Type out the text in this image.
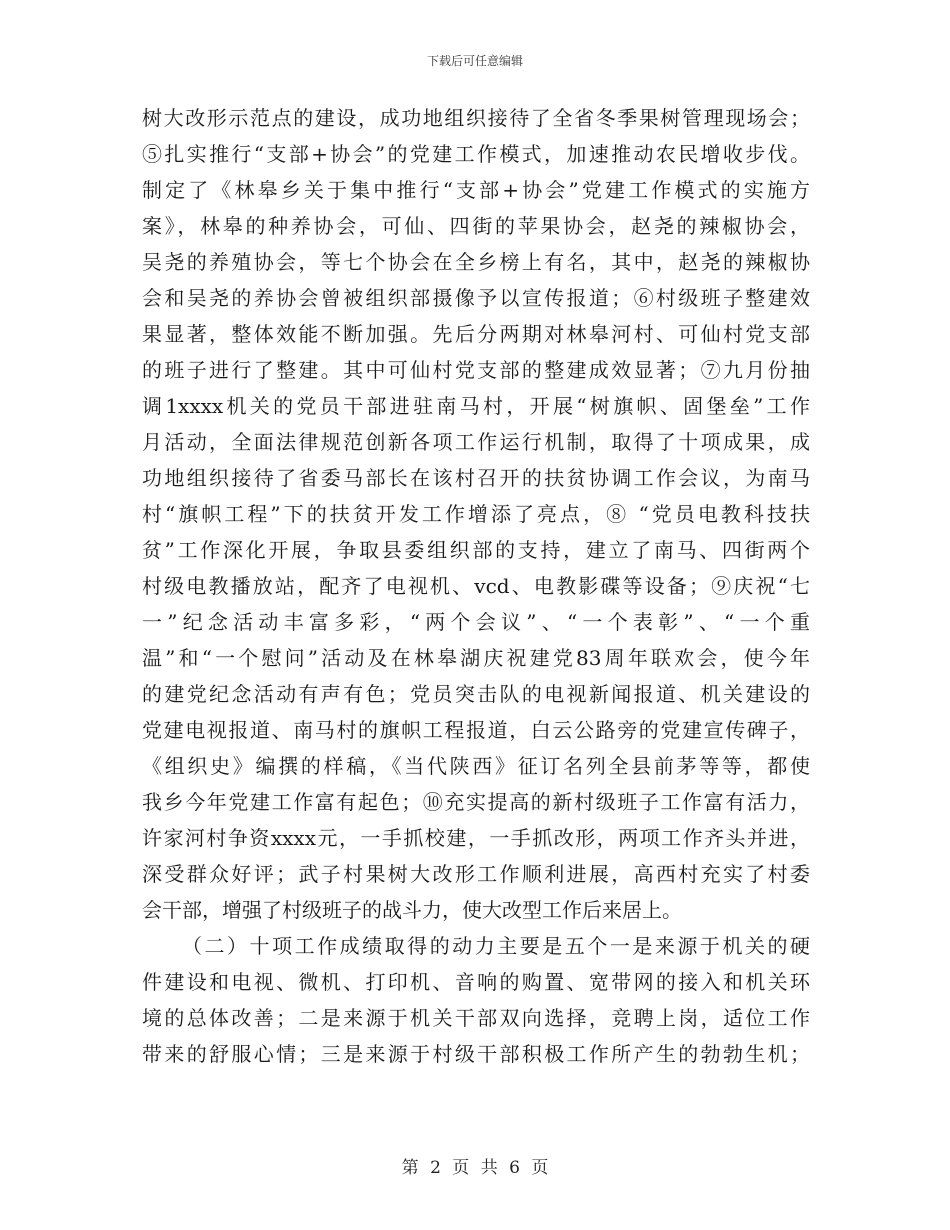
下载后可任意编辑
树大改形示范点的建设，成功地组织接待了全省冬季果树管理现场会；
⑤扎实推行“支部+协会”的党建工作模式，加速推动农民增收步伐。
制定了《林皋乡关于集中推行“支部+协会”党建工作模式的实施方
案》，林皋的种养协会，可仙、四街的苹果协会，赵尧的辣椒协会，
吴尧的养殖协会，等七个协会在全乡榜上有名，其中，赵尧的辣椒协
会和吴尧的养协会曾被组织部摄像予以宣传报道；⑥村级班子整建效
果显著，整体效能不断加强。先后分两期对林皋河村、可仙村党支部
的班子进行了整建。其中可仙村党支部的整建成效显著；⑦九月份抽
调1xxxx机关的党员干部进驻南马村，开展“树旗帜、固堡垒”工作
月活动，全面法律规范创新各项工作运行机制，取得了十项成果，成
功地组织接待了省委马部长在该村召开的扶贫协调工作会议，为南马
村“旗帜工程”下的扶贫开发工作增添了亮点，⑧ “党员电教科技扶
贫”工作深化开展，争取县委组织部的支持，建立了南马、四街两个
村级电教播放站，配齐了电视机、vcd、电教影碟等设备；⑨庆祝“七
一”纪念活动丰富多彩，“两个会议”、“一个表彰”、“一个重
温”和“一个慰问”活动及在林皋湖庆祝建党83周年联欢会，使今年
的建党纪念活动有声有色；党员突击队的电视新闻报道、机关建设的
党建电视报道、南马村的旗帜工程报道，白云公路旁的党建宣传碑子，
《组织史》编撰的样稿，《当代陕西》征订名列全县前茅等等，都使
我乡今年党建工作富有起色；⑩充实提高的新村级班子工作富有活力，
许家河村争资xxxx元，一手抓校建，一手抓改形，两项工作齐头并进，
深受群众好评；武子村果树大改形工作顺利进展，高西村充实了村委
会干部，增强了村级班子的战斗力，使大改型工作后来居上。
（二）十项工作成绩取得的动力主要是五个一是来源于机关的硬
件建设和电视、微机、打印机、音响的购置、宽带网的接入和机关环
境的总体改善；二是来源于机关干部双向选择，竞聘上岗，适位工作
带来的舒服心情；三是来源于村级干部积极工作所产生的勃勃生机；
第 2 页 共 6 页
